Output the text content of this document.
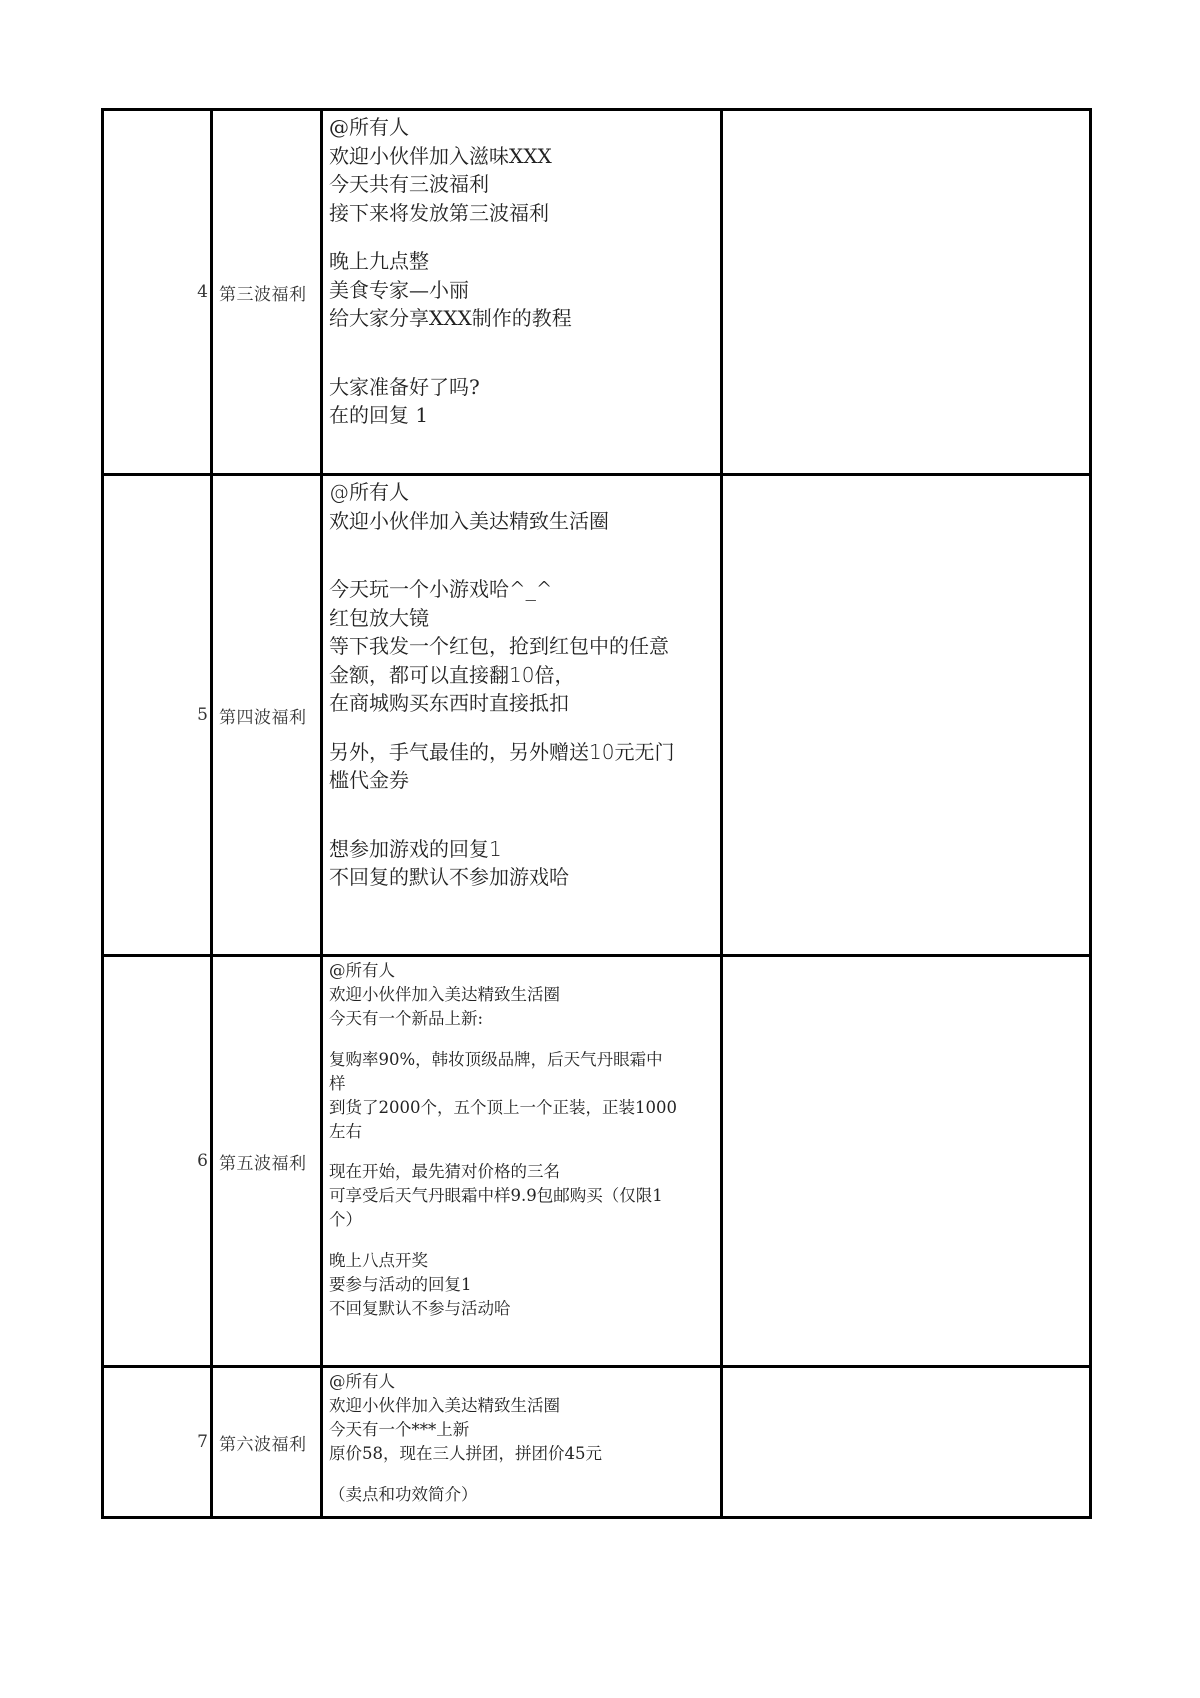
4 第三波福利
@所有人
欢迎小伙伴加入滋味XXX
今天共有三波福利
接下来将发放第三波福利
晚上九点整
美食专家—小丽
给大家分享XXX制作的教程
大家准备好了吗?
在的回复 1
5 第四波福利
@所有人
欢迎小伙伴加入美达精致生活圈
今天玩一个小游戏哈^_^
红包放大镜
等下我发一个红包，抢到红包中的任意
金额，都可以直接翻10倍，
在商城购买东西时直接抵扣
另外，手气最佳的，另外赠送10元无门
槛代金券
想参加游戏的回复1
不回复的默认不参加游戏哈
6 第五波福利
@所有人
欢迎小伙伴加入美达精致生活圈
今天有一个新品上新:
复购率90%，韩妆顶级品牌，后天气丹眼霜中
样
到货了2000个，五个顶上一个正装，正装1000
左右
现在开始，最先猜对价格的三名
可享受后天气丹眼霜中样9.9包邮购买（仅限1
个）
晚上八点开奖
要参与活动的回复1
不回复默认不参与活动哈
7 第六波福利
@所有人
欢迎小伙伴加入美达精致生活圈
今天有一个***上新
原价58，现在三人拼团，拼团价45元
（卖点和功效简介）
